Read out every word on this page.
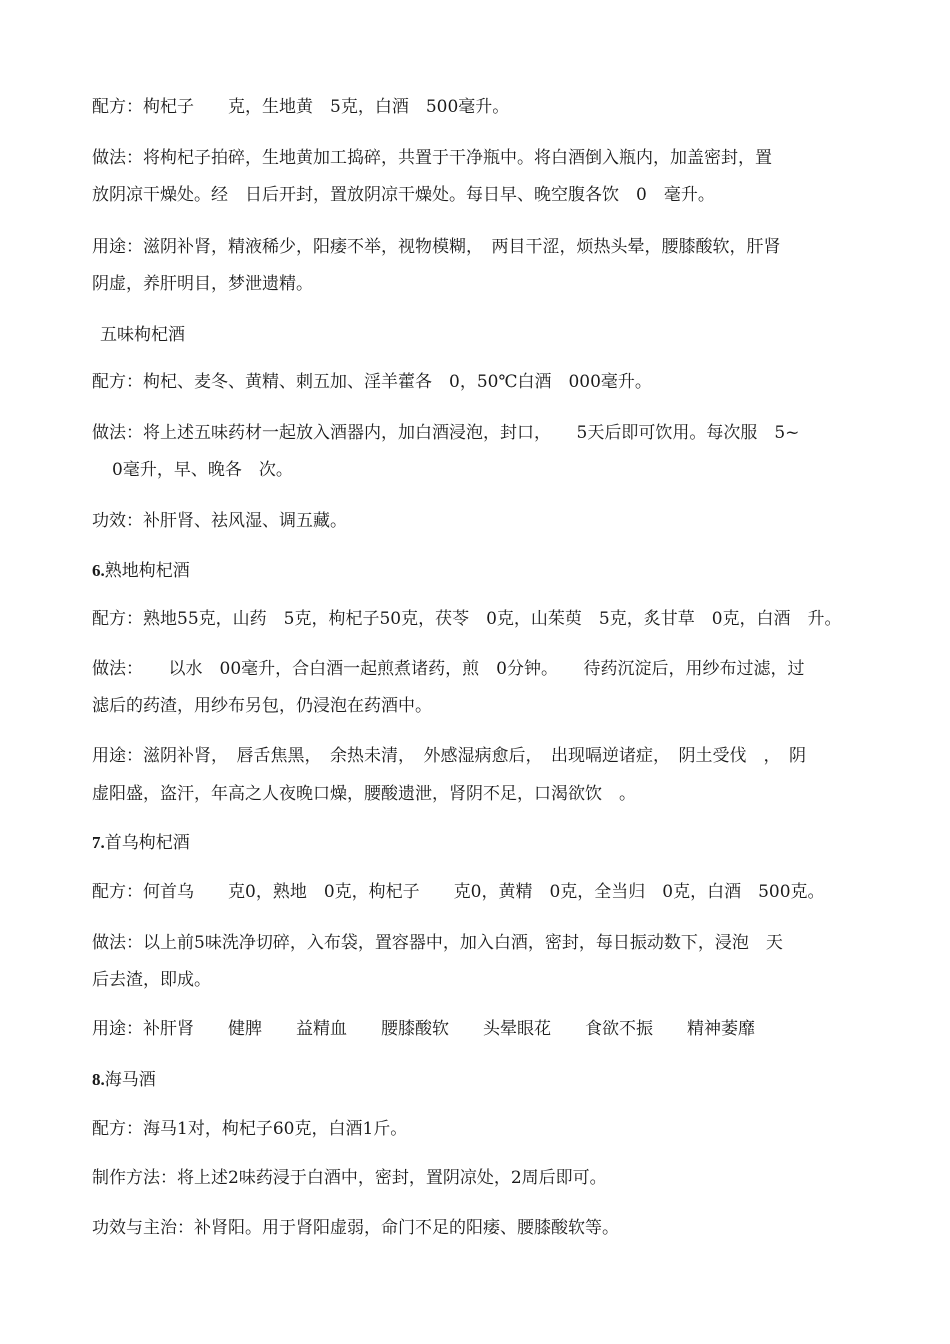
配方：枸杞子　　克，生地黄　5克，白酒　500毫升。
做法：将枸杞子拍碎，生地黄加工捣碎，共置于干净瓶中。将白酒倒入瓶内，加盖密封，置
放阴凉干燥处。经　日后开封，置放阴凉干燥处。每日早、晚空腹各饮　0　毫升。
用途：滋阴补肾，精液稀少，阳痿不举，视物模糊，　两目干涩，烦热头晕，腰膝酸软，肝肾
阴虚，养肝明目，梦泄遗精。
五味枸杞酒
配方：枸杞、麦冬、黄精、刺五加、淫羊藿各　0，50℃白酒　000毫升。
做法：将上述五味药材一起放入酒器内，加白酒浸泡，封口，　　5天后即可饮用。每次服　5~
0毫升，早、晚各　次。
功效：补肝肾、祛风湿、调五藏。
6.熟地枸杞酒
配方：熟地55克，山药　5克，枸杞子50克，茯苓　0克，山茱萸　5克，炙甘草　0克，白酒　升。
做法：　　以水　00毫升，合白酒一起煎煮诸药，煎　0分钟。　　待药沉淀后，用纱布过滤，过
滤后的药渣，用纱布另包，仍浸泡在药酒中。
用途：滋阴补肾，　唇舌焦黑，　余热未清，　外感湿病愈后，　出现嗝逆诸症，　阴土受伐　，　阴
虚阳盛，盗汗，年高之人夜晚口燥，腰酸遗泄，肾阴不足，口渴欲饮　。
7.首乌枸杞酒
配方：何首乌　　克0，熟地　0克，枸杞子　　克0，黄精　0克，全当归　0克，白酒　500克。
做法：以上前5味洗净切碎，入布袋，置容器中，加入白酒，密封，每日振动数下，浸泡　天
后去渣，即成。
用途：补肝肾　　健脾　　益精血　　腰膝酸软　　头晕眼花　　食欲不振　　精神萎靡
8.海马酒
配方：海马1对，枸杞子60克，白酒1斤。
制作方法：将上述2味药浸于白酒中，密封，置阴凉处，2周后即可。
功效与主治：补肾阳。用于肾阳虚弱，命门不足的阳痿、腰膝酸软等。
